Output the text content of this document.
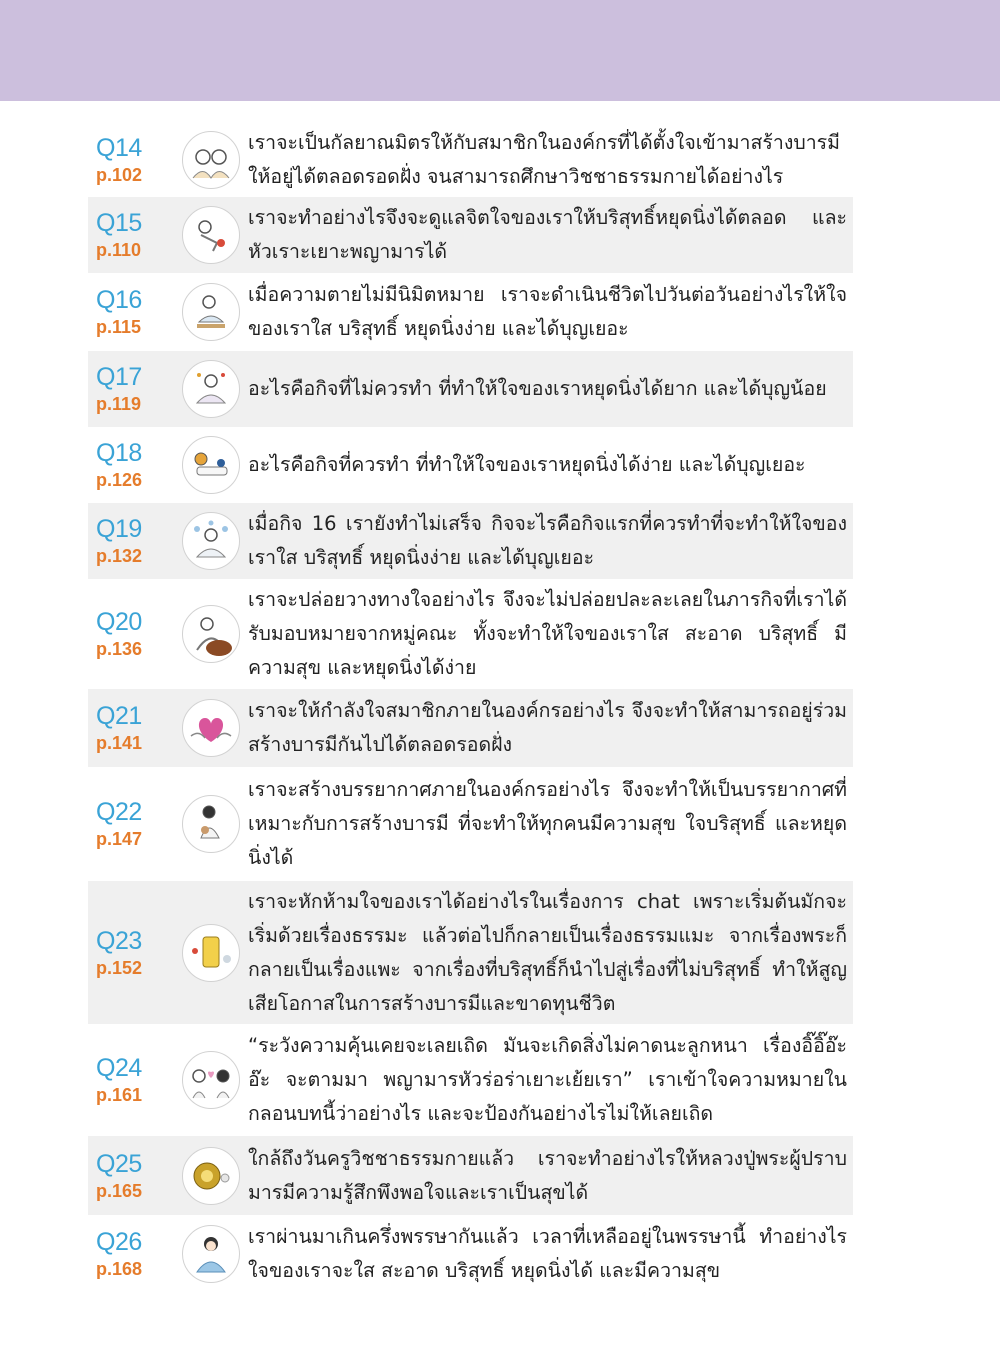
Q14
p.102
เราจะเป็นกัลยาณมิตรให้กับสมาชิกในองค์กรที่ได้ตั้งใจเข้ามาสร้างบารมีให้อยู่ได้ตลอดรอดฝั่ง จนสามารถศึกษาวิชชาธรรมกายได้อย่างไร
Q15
p.110
เราจะทำอย่างไรจึงจะดูแลจิตใจของเราให้บริสุทธิ์หยุดนิ่งได้ตลอด และหัวเราะเยาะพญามารได้
Q16
p.115
เมื่อความตายไม่มีนิมิตหมาย เราจะดำเนินชีวิตไปวันต่อวันอย่างไรให้ใจของเราใส บริสุทธิ์ หยุดนิ่งง่าย และได้บุญเยอะ
Q17
p.119
อะไรคือกิจที่ไม่ควรทำ ที่ทำให้ใจของเราหยุดนิ่งได้ยาก และได้บุญน้อย
Q18
p.126
อะไรคือกิจที่ควรทำ ที่ทำให้ใจของเราหยุดนิ่งได้ง่าย และได้บุญเยอะ
Q19
p.132
เมื่อกิจ 16 เรายังทำไม่เสร็จ กิจจะไรคือกิจแรกที่ควรทำที่จะทำให้ใจของเราใส บริสุทธิ์ หยุดนิ่งง่าย และได้บุญเยอะ
Q20
p.136
เราจะปล่อยวางทางใจอย่างไร จึงจะไม่ปล่อยปละละเลยในภารกิจที่เราได้รับมอบหมายจากหมู่คณะ ทั้งจะทำให้ใจของเราใส สะอาด บริสุทธิ์ มีความสุข และหยุดนิ่งได้ง่าย
Q21
p.141
เราจะให้กำลังใจสมาชิกภายในองค์กรอย่างไร จึงจะทำให้สามารถอยู่ร่วมสร้างบารมีกันไปได้ตลอดรอดฝั่ง
Q22
p.147
เราจะสร้างบรรยากาศภายในองค์กรอย่างไร จึงจะทำให้เป็นบรรยากาศที่เหมาะกับการสร้างบารมี ที่จะทำให้ทุกคนมีความสุข ใจบริสุทธิ์ และหยุดนิ่งได้
Q23
p.152
เราจะหักห้ามใจของเราได้อย่างไรในเรื่องการ chat เพราะเริ่มต้นมักจะเริ่มด้วยเรื่องธรรมะ แล้วต่อไปก็กลายเป็นเรื่องธรรมแมะ จากเรื่องพระก็กลายเป็นเรื่องแพะ จากเรื่องที่บริสุทธิ์ก็นำไปสู่เรื่องที่ไม่บริสุทธิ์ ทำให้สูญเสียโอกาสในการสร้างบารมีและขาดทุนชีวิต
Q24
p.161
“ระวังความคุ้นเคยจะเลยเถิด มันจะเกิดสิ่งไม่คาดนะลูกหนา เรื่องอิ๊อิ๊อ๊ะอ๊ะ จะตามมา พญามารหัวร่อร่าเยาะเย้ยเรา” เราเข้าใจความหมายในกลอนบทนี้ว่าอย่างไร และจะป้องกันอย่างไรไม่ให้เลยเถิด
Q25
p.165
ใกล้ถึงวันครูวิชชาธรรมกายแล้ว เราจะทำอย่างไรให้หลวงปู่พระผู้ปราบมารมีความรู้สึกพึงพอใจและเราเป็นสุขได้
Q26
p.168
เราผ่านมาเกินครึ่งพรรษากันแล้ว เวลาที่เหลืออยู่ในพรรษานี้ ทำอย่างไรใจของเราจะใส สะอาด บริสุทธิ์ หยุดนิ่งได้ และมีความสุข
